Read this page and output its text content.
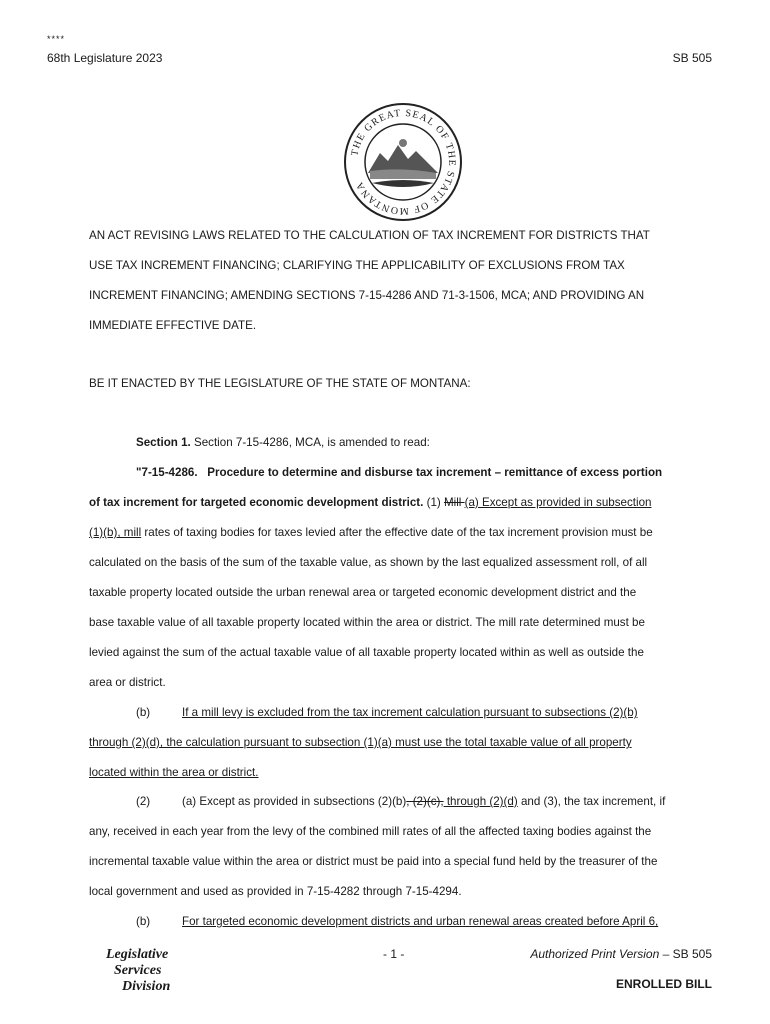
****
68th Legislature 2023	SB 505
THE GREAT SEAL OF THE STATE OF MONTANA
AN ACT REVISING LAWS RELATED TO THE CALCULATION OF TAX INCREMENT FOR DISTRICTS THAT
USE TAX INCREMENT FINANCING; CLARIFYING THE APPLICABILITY OF EXCLUSIONS FROM TAX
INCREMENT FINANCING; AMENDING SECTIONS 7-15-4286 AND 71-3-1506, MCA; AND PROVIDING AN
IMMEDIATE EFFECTIVE DATE.
BE IT ENACTED BY THE LEGISLATURE OF THE STATE OF MONTANA:
Section 1. Section 7-15-4286, MCA, is amended to read:
"7-15-4286. Procedure to determine and disburse tax increment – remittance of excess portion
of tax increment for targeted economic development district. (1) Mill (a) Except as provided in subsection
(1)(b), mill rates of taxing bodies for taxes levied after the effective date of the tax increment provision must be
calculated on the basis of the sum of the taxable value, as shown by the last equalized assessment roll, of all
taxable property located outside the urban renewal area or targeted economic development district and the
base taxable value of all taxable property located within the area or district. The mill rate determined must be
levied against the sum of the actual taxable value of all taxable property located within as well as outside the
area or district.
(b)	If a mill levy is excluded from the tax increment calculation pursuant to subsections (2)(b)
through (2)(d), the calculation pursuant to subsection (1)(a) must use the total taxable value of all property
located within the area or district.
(2)	(a) Except as provided in subsections (2)(b), (2)(c), through (2)(d) and (3), the tax increment, if
any, received in each year from the levy of the combined mill rates of all the affected taxing bodies against the
incremental taxable value within the area or district must be paid into a special fund held by the treasurer of the
local government and used as provided in 7-15-4282 through 7-15-4294.
(b)	For targeted economic development districts and urban renewal areas created before April 6,
Legislative
Services
Division
- 1 -	Authorized Print Version – SB 505
ENROLLED BILL
